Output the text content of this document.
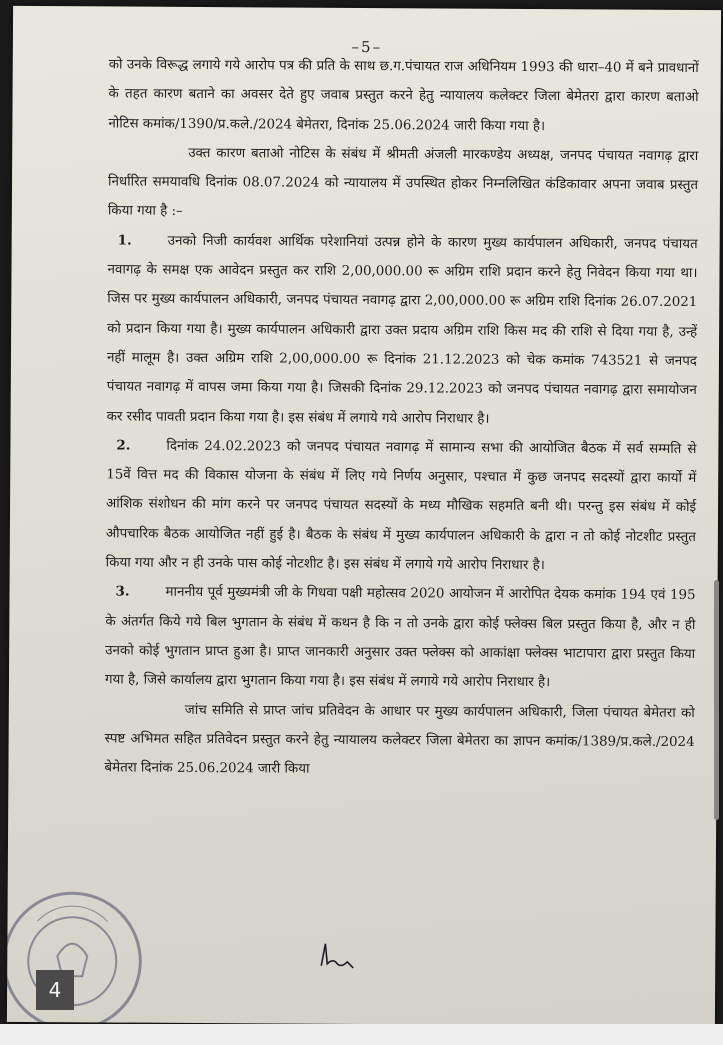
–5–

को उनके विरूद्ध लगाये गये आरोप पत्र की प्रति के साथ छ.ग.पंचायत राज अधिनियम 1993 की धारा–40 में बने प्रावधानों के तहत कारण बताने का अवसर देते हुए जवाब प्रस्तुत करने हेतु न्यायालय कलेक्टर जिला बेमेतरा द्वारा कारण बताओ नोटिस कमांक/1390/प्र.कले./2024 बेमेतरा, दिनांक 25.06.2024 जारी किया गया है।

उक्त कारण बताओ नोटिस के संबंध में श्रीमती अंजली मारकण्डेय अध्यक्ष, जनपद पंचायत नवागढ़ द्वारा निर्धारित समयावधि दिनांक 08.07.2024 को न्यायालय में उपस्थित होकर निम्नलिखित कंडिकावार अपना जवाब प्रस्तुत किया गया है :–

1.	उनको निजी कार्यवश आर्थिक परेशानियां उत्पन्न होने के कारण मुख्य कार्यपालन अधिकारी, जनपद पंचायत नवागढ़ के समक्ष एक आवेदन प्रस्तुत कर राशि 2,00,000.00 रू अग्रिम राशि प्रदान करने हेतु निवेदन किया गया था। जिस पर मुख्य कार्यपालन अधिकारी, जनपद पंचायत नवागढ़ द्वारा 2,00,000.00 रू अग्रिम राशि दिनांक 26.07.2021 को प्रदान किया गया है। मुख्य कार्यपालन अधिकारी द्वारा उक्त प्रदाय अग्रिम राशि किस मद की राशि से दिया गया है, उन्हें नहीं मालूम है। उक्त अग्रिम राशि 2,00,000.00 रू दिनांक 21.12.2023 को चेक कमांक 743521 से जनपद पंचायत नवागढ़ में वापस जमा किया गया है। जिसकी दिनांक 29.12.2023 को जनपद पंचायत नवागढ़ द्वारा समायोजन कर रसीद पावती प्रदान किया गया है। इस संबंध में लगाये गये आरोप निराधार है।

2.	दिनांक 24.02.2023 को जनपद पंचायत नवागढ़ में सामान्य सभा की आयोजित बैठक में सर्व सम्मति से 15वें वित्त मद की विकास योजना के संबंध में लिए गये निर्णय अनुसार, पश्चात में कुछ जनपद सदस्यों द्वारा कार्यो में आंशिक संशोधन की मांग करने पर जनपद पंचायत सदस्यों के मध्य मौखिक सहमति बनी थी। परन्तु इस संबंध में कोई औपचारिक बैठक आयोजित नहीं हुई है। बैठक के संबंध में मुख्य कार्यपालन अधिकारी के द्वारा न तो कोई नोटशीट प्रस्तुत किया गया और न ही उनके पास कोई नोटशीट है। इस संबंध में लगाये गये आरोप निराधार है।

3.	माननीय पूर्व मुख्यमंत्री जी के गिधवा पक्षी महोत्सव 2020 आयोजन में आरोपित देयक कमांक 194 एवं 195 के अंतर्गत किये गये बिल भुगतान के संबंध में कथन है कि न तो उनके द्वारा कोई फ्लेक्स बिल प्रस्तुत किया है, और न ही उनको कोई भुगतान प्राप्त हुआ है। प्राप्त जानकारी अनुसार उक्त फ्लेक्स को आकांक्षा फ्लेक्स भाटापारा द्वारा प्रस्तुत किया गया है, जिसे कार्यालय द्वारा भुगतान किया गया है। इस संबंध में लगाये गये आरोप निराधार है।

जांच समिति से प्राप्त जांच प्रतिवेदन के आधार पर मुख्य कार्यपालन अधिकारी, जिला पंचायत बेमेतरा को स्पष्ट अभिमत सहित प्रतिवेदन प्रस्तुत करने हेतु न्यायालय कलेक्टर जिला बेमेतरा का ज्ञापन कमांक/1389/प्र.कले./2024 बेमेतरा दिनांक 25.06.2024 जारी किया

4
